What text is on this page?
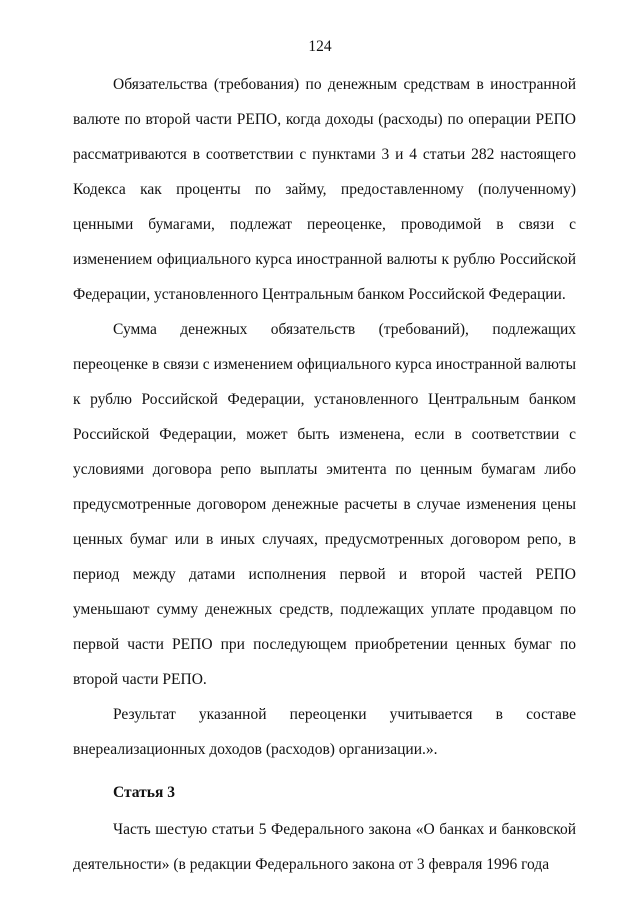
124

Обязательства (требования) по денежным средствам в иностранной валюте по второй части РЕПО, когда доходы (расходы) по операции РЕПО рассматриваются в соответствии с пунктами 3 и 4 статьи 282 настоящего Кодекса как проценты по займу, предоставленному (полученному) ценными бумагами, подлежат переоценке, проводимой в связи с изменением официального курса иностранной валюты к рублю Российской Федерации, установленного Центральным банком Российской Федерации.

Сумма денежных обязательств (требований), подлежащих переоценке в связи с изменением официального курса иностранной валюты к рублю Российской Федерации, установленного Центральным банком Российской Федерации, может быть изменена, если в соответствии с условиями договора репо выплаты эмитента по ценным бумагам либо предусмотренные договором денежные расчеты в случае изменения цены ценных бумаг или в иных случаях, предусмотренных договором репо, в период между датами исполнения первой и второй частей РЕПО уменьшают сумму денежных средств, подлежащих уплате продавцом по первой части РЕПО при последующем приобретении ценных бумаг по второй части РЕПО.

Результат указанной переоценки учитывается в составе внереализационных доходов (расходов) организации.».

Статья 3

Часть шестую статьи 5 Федерального закона «О банках и банковской деятельности» (в редакции Федерального закона от 3 февраля 1996 года
